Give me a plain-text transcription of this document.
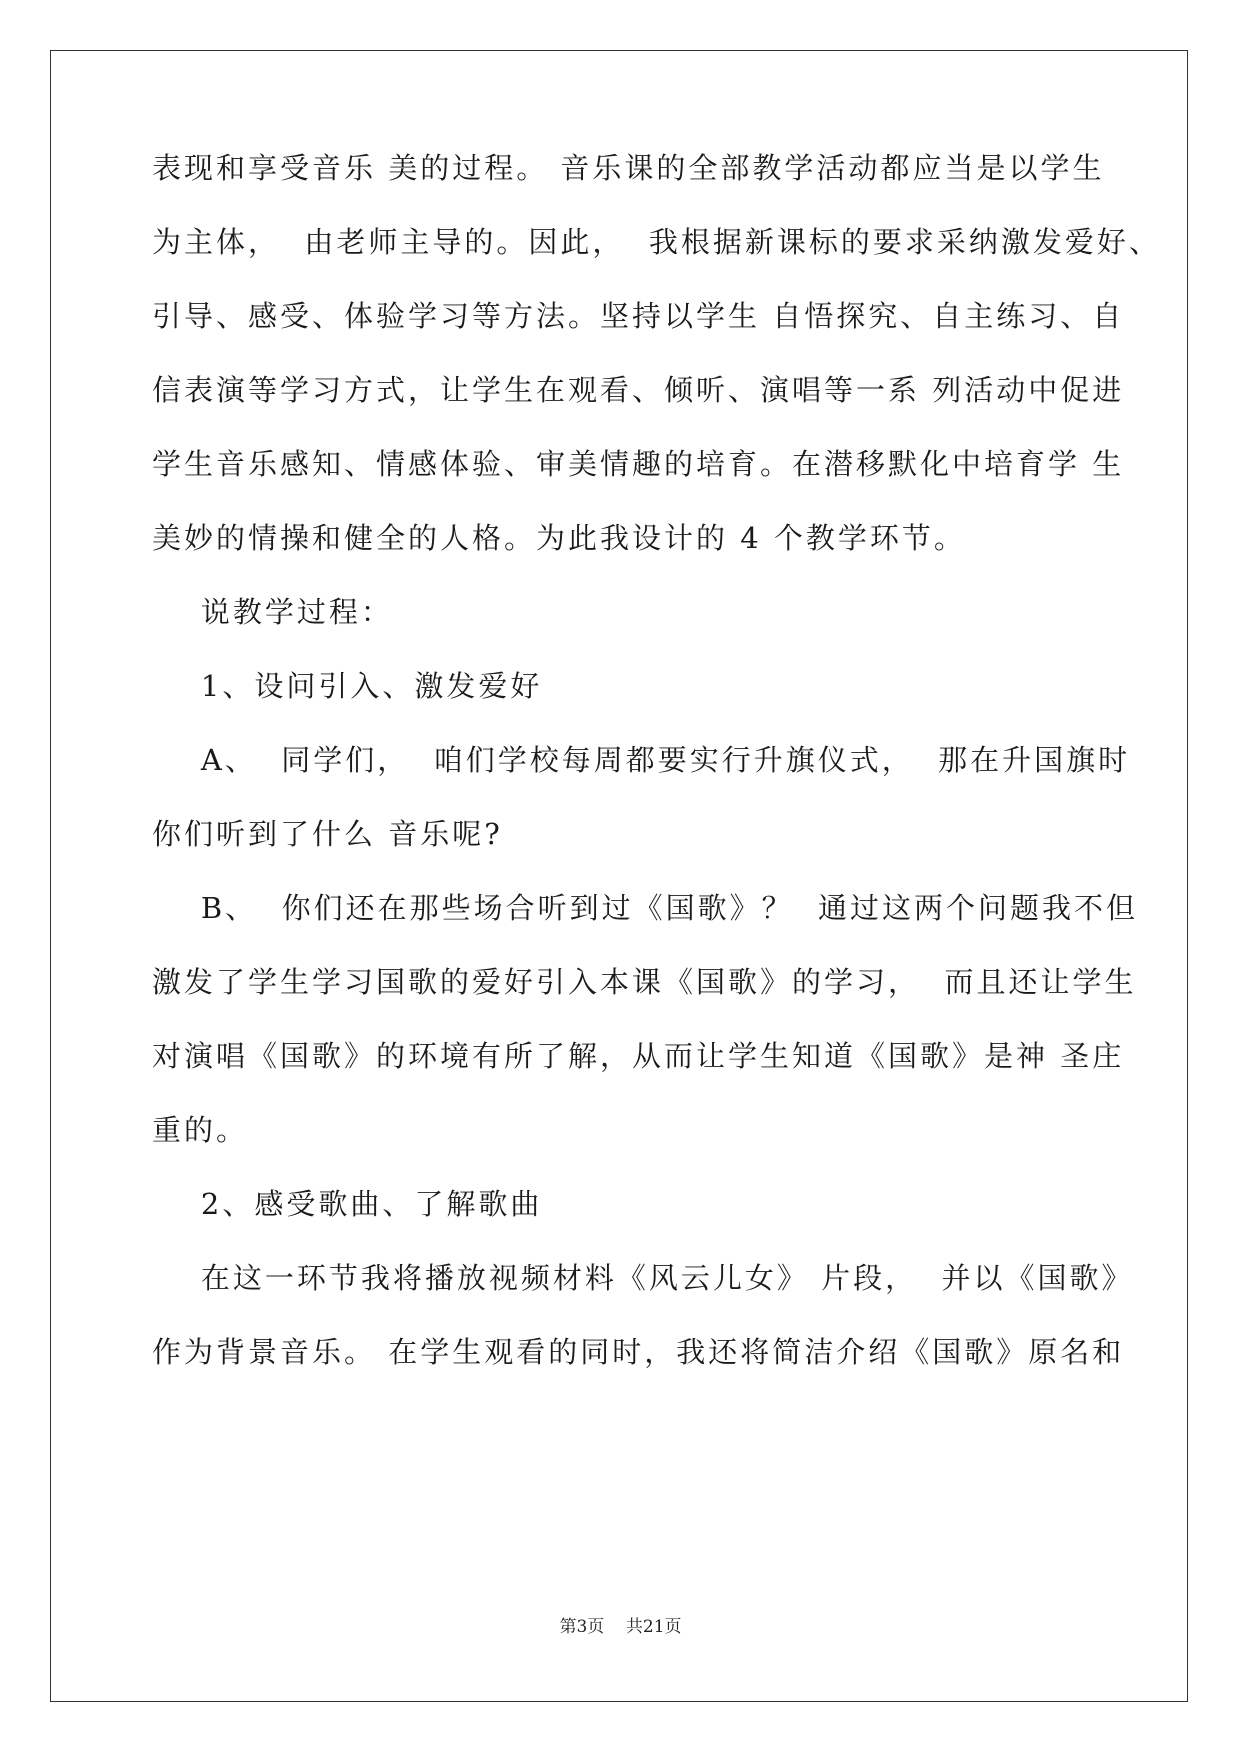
表现和享受音乐 美的过程。 音乐课的全部教学活动都应当是以学生
为主体，  由老师主导的。因此，  我根据新课标的要求采纳激发爱好、
引导、感受、体验学习等方法。坚持以学生 自悟探究、自主练习、自
信表演等学习方式，让学生在观看、倾听、演唱等一系 列活动中促进
学生音乐感知、情感体验、审美情趣的培育。在潜移默化中培育学 生
美妙的情操和健全的人格。为此我设计的 4 个教学环节。
说教学过程：
1、设问引入、激发爱好
A、  同学们，  咱们学校每周都要实行升旗仪式，  那在升国旗时
你们听到了什么 音乐呢?
B、  你们还在那些场合听到过《国歌》？  通过这两个问题我不但
激发了学生学习国歌的爱好引入本课《国歌》的学习，  而且还让学生
对演唱《国歌》的环境有所了解，从而让学生知道《国歌》是神 圣庄
重的。
2、感受歌曲、了解歌曲
在这一环节我将播放视频材料《风云儿女》 片段，  并以《国歌》
作为背景音乐。 在学生观看的同时，我还将简洁介绍《国歌》原名和
第3页 共21页
